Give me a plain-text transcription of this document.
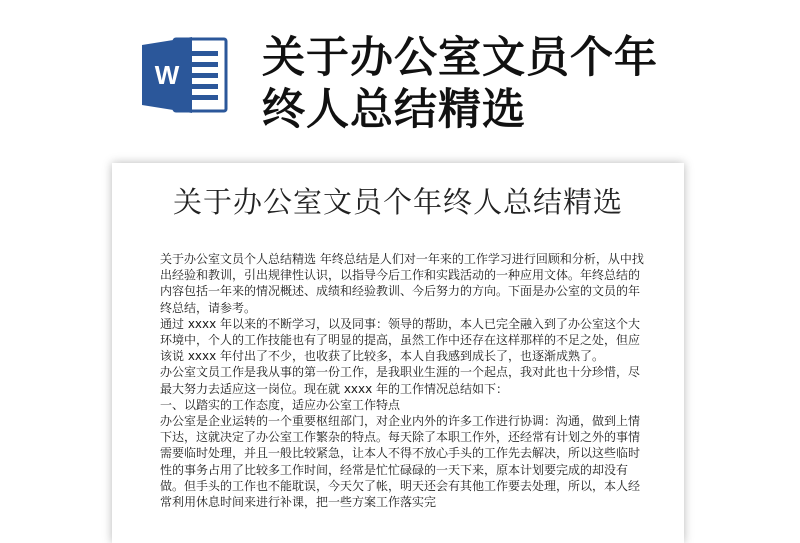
W 关于办公室文员个年
终人总结精选
关于办公室文员个年终人总结精选

关于办公室文员个人总结精选 年终总结是人们对一年来的工作学习进行回顾和分析，从中找出经验和教训，引出规律性认识，以指导今后工作和实践活动的一种应用文体。年终总结的内容包括一年来的情况概述、成绩和经验教训、今后努力的方向。下面是办公室的文员的年终总结，请参考。

通过 xxxx 年以来的不断学习，以及同事：领导的帮助，本人已完全融入到了办公室这个大环境中，个人的工作技能也有了明显的提高，虽然工作中还存在这样那样的不足之处，但应该说 xxxx 年付出了不少，也收获了比较多，本人自我感到成长了，也逐渐成熟了。

办公室文员工作是我从事的第一份工作，是我职业生涯的一个起点，我对此也十分珍惜，尽最大努力去适应这一岗位。现在就 xxxx 年的工作情况总结如下：

一、以踏实的工作态度，适应办公室工作特点

办公室是企业运转的一个重要枢纽部门，对企业内外的许多工作进行协调：沟通，做到上情下达，这就决定了办公室工作繁杂的特点。每天除了本职工作外，还经常有计划之外的事情需要临时处理，并且一般比较紧急，让本人不得不放心手头的工作先去解决，所以这些临时性的事务占用了比较多工作时间，经常是忙忙碌碌的一天下来，原本计划要完成的却没有做。但手头的工作也不能耽误，今天欠了帐，明天还会有其他工作要去处理，所以，本人经常利用休息时间来进行补课，把一些方案工作落实完
